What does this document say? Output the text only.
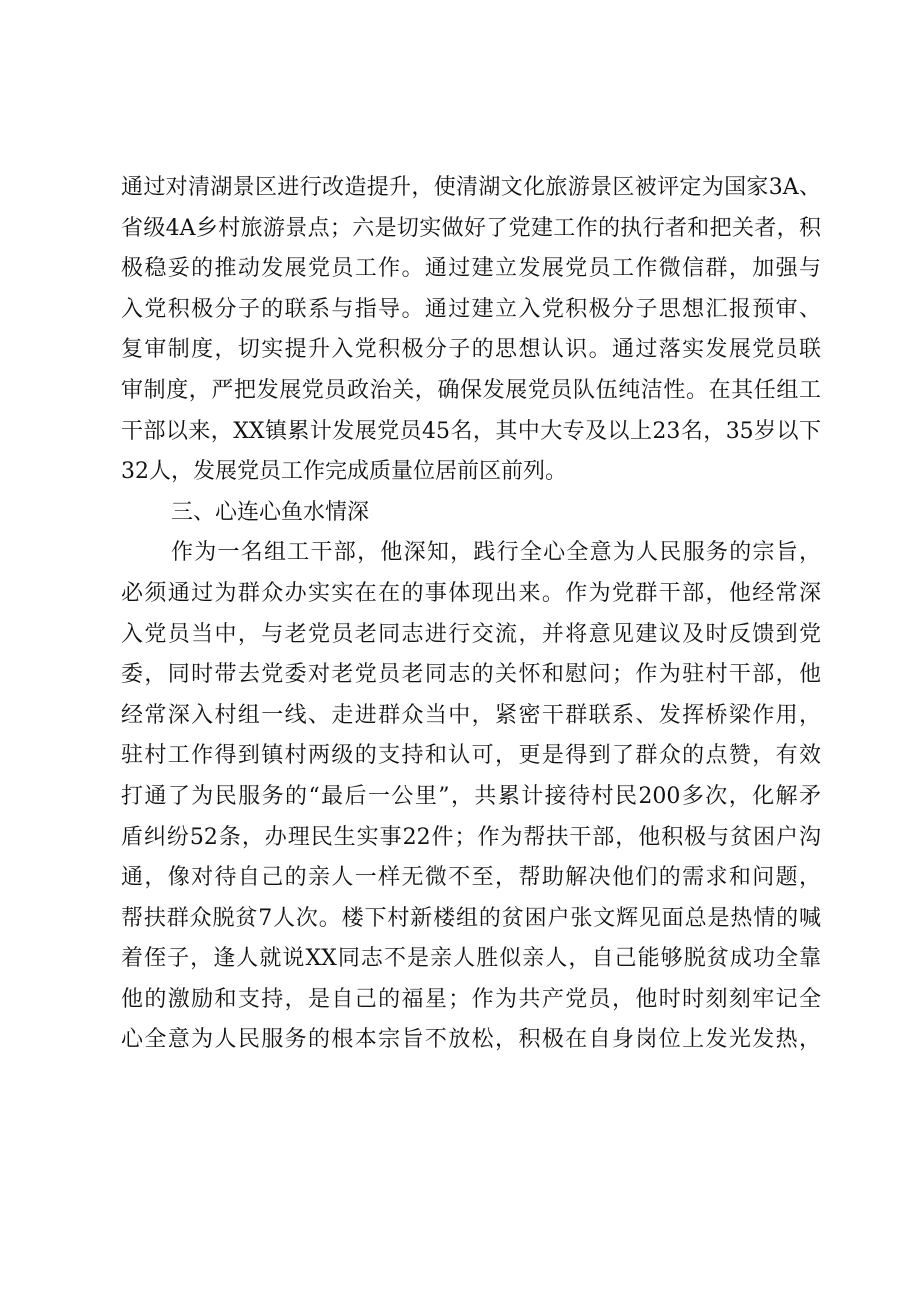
通过对清湖景区进行改造提升，使清湖文化旅游景区被评定为国家3A、
省级4A乡村旅游景点；六是切实做好了党建工作的执行者和把关者，积
极稳妥的推动发展党员工作。通过建立发展党员工作微信群，加强与
入党积极分子的联系与指导。通过建立入党积极分子思想汇报预审、
复审制度，切实提升入党积极分子的思想认识。通过落实发展党员联
审制度，严把发展党员政治关，确保发展党员队伍纯洁性。在其任组工
干部以来，XX镇累计发展党员45名，其中大专及以上23名，35岁以下
32人，发展党员工作完成质量位居前区前列。
三、心连心鱼水情深
作为一名组工干部，他深知，践行全心全意为人民服务的宗旨，
必须通过为群众办实实在在的事体现出来。作为党群干部，他经常深
入党员当中，与老党员老同志进行交流，并将意见建议及时反馈到党
委，同时带去党委对老党员老同志的关怀和慰问；作为驻村干部，他
经常深入村组一线、走进群众当中，紧密干群联系、发挥桥梁作用，
驻村工作得到镇村两级的支持和认可，更是得到了群众的点赞，有效
打通了为民服务的“最后一公里”，共累计接待村民200多次，化解矛
盾纠纷52条，办理民生实事22件；作为帮扶干部，他积极与贫困户沟
通，像对待自己的亲人一样无微不至，帮助解决他们的需求和问题，
帮扶群众脱贫7人次。楼下村新楼组的贫困户张文辉见面总是热情的喊
着侄子，逢人就说XX同志不是亲人胜似亲人，自己能够脱贫成功全靠
他的激励和支持，是自己的福星；作为共产党员，他时时刻刻牢记全
心全意为人民服务的根本宗旨不放松，积极在自身岗位上发光发热，
